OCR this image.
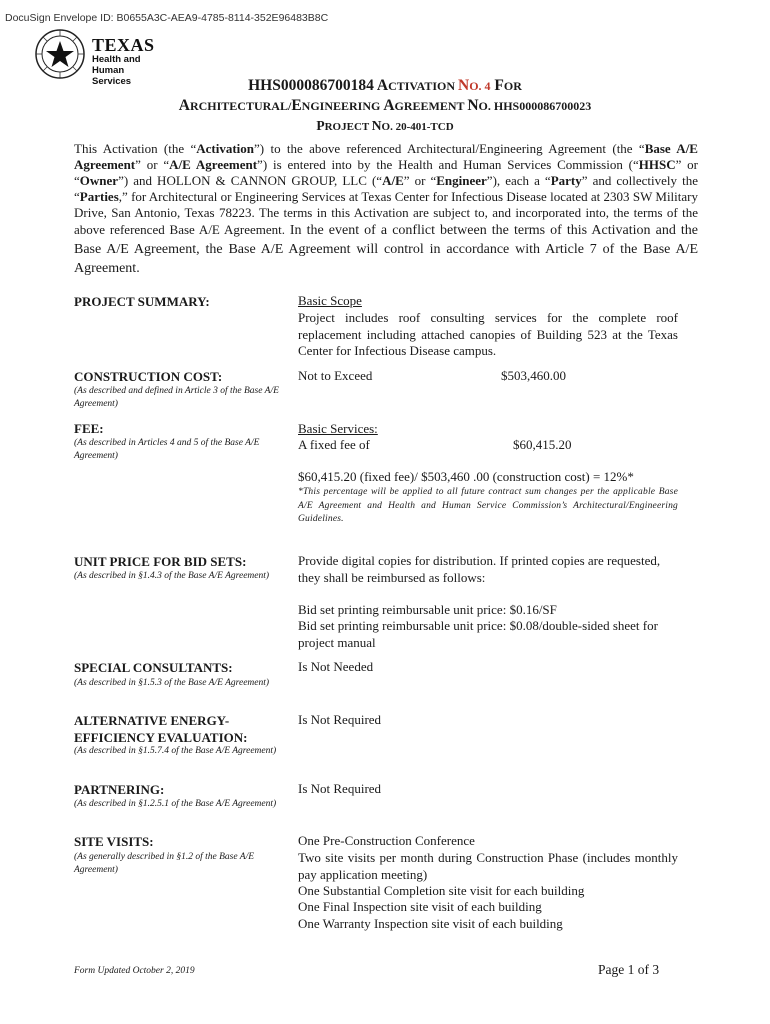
DocuSign Envelope ID: B0655A3C-AEA9-4785-8114-352E96483B8C
TEXAS
Health and Human
Services	HHS000086700184 ACTIVATION NO. 4 FOR
ARCHITECTURAL/ENGINEERING AGREEMENT NO. HHS000086700023
PROJECT NO. 20-401-TCD
This Activation (the “Activation”) to the above referenced Architectural/Engineering Agreement (the “Base A/E Agreement” or “A/E Agreement”) is entered into by the Health and Human Services Commission (“HHSC” or “Owner”) and HOLLON & CANNON GROUP, LLC (“A/E” or “Engineer”), each a “Party” and collectively the “Parties,” for Architectural or Engineering Services at Texas Center for Infectious Disease located at 2303 SW Military Drive, San Antonio, Texas 78223. The terms in this Activation are subject to, and incorporated into, the terms of the above referenced Base A/E Agreement. In the event of a conflict between the terms of this Activation and the Base A/E Agreement, the Base A/E Agreement will control in accordance with Article 7 of the Base A/E Agreement.
PROJECT SUMMARY:	Basic Scope
Project includes roof consulting services for the complete roof replacement including attached canopies of Building 523 at the Texas Center for Infectious Disease campus.
CONSTRUCTION COST:
(As described and defined in Article 3 of the Base A/E Agreement)
Not to Exceed	$503,460.00
FEE:
(As described in Articles 4 and 5 of the Base A/E Agreement)
Basic Services:
A fixed fee of	$60,415.20
$60,415.20 (fixed fee)/ $503,460 .00 (construction cost) = 12%*
*This percentage will be applied to all future contract sum changes per the applicable Base A/E Agreement and Health and Human Service Commission’s Architectural/Engineering Guidelines.
UNIT PRICE FOR BID SETS:
(As described in §1.4.3 of the Base A/E Agreement)
Provide digital copies for distribution. If printed copies are requested, they shall be reimbursed as follows:
Bid set printing reimbursable unit price: $0.16/SF
Bid set printing reimbursable unit price: $0.08/double-sided sheet for project manual
SPECIAL CONSULTANTS:
(As described in §1.5.3 of the Base A/E Agreement)
Is Not Needed
ALTERNATIVE ENERGY-
EFFICIENCY EVALUATION:
(As described in §1.5.7.4 of the Base A/E Agreement)
Is Not Required
PARTNERING:
(As described in §1.2.5.1 of the Base A/E Agreement)
Is Not Required
SITE VISITS:
(As generally described in §1.2 of the Base A/E Agreement)
One Pre-Construction Conference
Two site visits per month during Construction Phase (includes monthly pay application meeting)
One Substantial Completion site visit for each building
One Final Inspection site visit of each building
One Warranty Inspection site visit of each building
Form Updated October 2, 2019	Page 1 of 3
